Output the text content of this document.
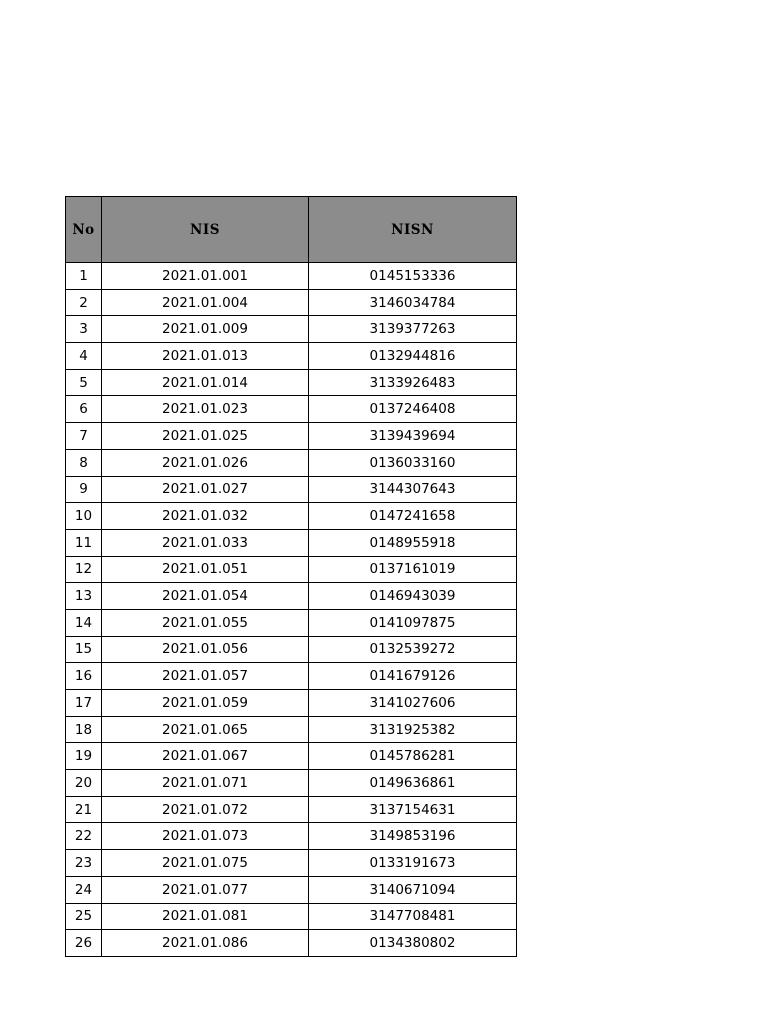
No	NIS	NISN
1	2021.01.001	0145153336
2	2021.01.004	3146034784
3	2021.01.009	3139377263
4	2021.01.013	0132944816
5	2021.01.014	3133926483
6	2021.01.023	0137246408
7	2021.01.025	3139439694
8	2021.01.026	0136033160
9	2021.01.027	3144307643
10	2021.01.032	0147241658
11	2021.01.033	0148955918
12	2021.01.051	0137161019
13	2021.01.054	0146943039
14	2021.01.055	0141097875
15	2021.01.056	0132539272
16	2021.01.057	0141679126
17	2021.01.059	3141027606
18	2021.01.065	3131925382
19	2021.01.067	0145786281
20	2021.01.071	0149636861
21	2021.01.072	3137154631
22	2021.01.073	3149853196
23	2021.01.075	0133191673
24	2021.01.077	3140671094
25	2021.01.081	3147708481
26	2021.01.086	0134380802
